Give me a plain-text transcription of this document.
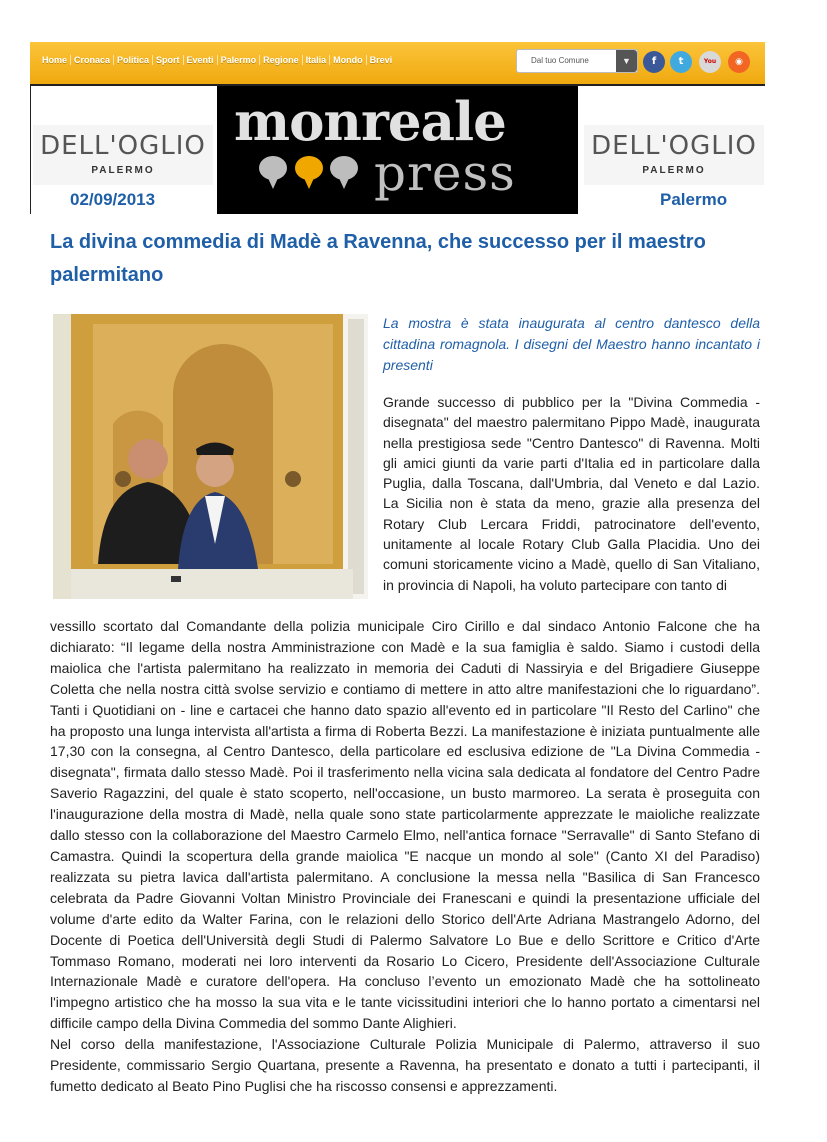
Home Cronaca Politica Sport Eventi Palermo Regione Italia Mondo Brevi	Dal tuo Comune	▼	f	t	You	◉
DELL'OGLIO
PALERMO
monreale
press	DELL'OGLIO
PALERMO
02/09/2013	Palermo
La divina commedia di Madè a Ravenna, che successo per il maestro palermitano

La mostra è stata inaugurata al centro dantesco della cittadina romagnola. I disegni del Maestro hanno incantato i presenti

Grande successo di pubblico per la "Divina Commedia - disegnata" del maestro palermitano Pippo Madè, inaugurata nella prestigiosa sede "Centro Dantesco" di Ravenna. Molti gli amici giunti da varie parti d'Italia ed in particolare dalla Puglia, dalla Toscana, dall'Umbria, dal Veneto e dal Lazio. La Sicilia non è stata da meno, grazie alla presenza del Rotary Club Lercara Friddi, patrocinatore dell'evento, unitamente al locale Rotary Club Galla Placidia. Uno dei comuni storicamente vicino a Madè, quello di San Vitaliano, in provincia di Napoli, ha voluto partecipare con tanto di

vessillo scortato dal Comandante della polizia municipale Ciro Cirillo e dal sindaco Antonio Falcone che ha dichiarato: “Il legame della nostra Amministrazione con Madè e la sua famiglia è saldo. Siamo i custodi della maiolica che l'artista palermitano ha realizzato in memoria dei Caduti di Nassiryia e del Brigadiere Giuseppe Coletta che nella nostra città svolse servizio e contiamo di mettere in atto altre manifestazioni che lo riguardano”. Tanti i Quotidiani on - line e cartacei che hanno dato spazio all'evento ed in particolare "Il Resto del Carlino" che ha proposto una lunga intervista all'artista a firma di Roberta Bezzi. La manifestazione è iniziata puntualmente alle 17,30 con la consegna, al Centro Dantesco, della particolare ed esclusiva edizione de "La Divina Commedia - disegnata", firmata dallo stesso Madè. Poi il trasferimento nella vicina sala dedicata al fondatore del Centro Padre Saverio Ragazzini, del quale è stato scoperto, nell'occasione, un busto marmoreo. La serata è proseguita con l'inaugurazione della mostra di Madè, nella quale sono state particolarmente apprezzate le maioliche realizzate dallo stesso con la collaborazione del Maestro Carmelo Elmo, nell'antica fornace "Serravalle" di Santo Stefano di Camastra. Quindi la scopertura della grande maiolica "E nacque un mondo al sole" (Canto XI del Paradiso) realizzata su pietra lavica dall'artista palermitano. A conclusione la messa nella "Basilica di San Francesco celebrata da Padre Giovanni Voltan Ministro Provinciale dei Franescani e quindi la presentazione ufficiale del volume d'arte edito da Walter Farina, con le relazioni dello Storico dell'Arte Adriana Mastrangelo Adorno, del Docente di Poetica dell'Università degli Studi di Palermo Salvatore Lo Bue e dello Scrittore e Critico d'Arte Tommaso Romano, moderati nei loro interventi da Rosario Lo Cicero, Presidente dell'Associazione Culturale Internazionale Madè e curatore dell'opera. Ha concluso l’evento un emozionato Madè che ha sottolineato l'impegno artistico che ha mosso la sua vita e le tante vicissitudini interiori che lo hanno portato a cimentarsi nel difficile campo della Divina Commedia del sommo Dante Alighieri.
Nel corso della manifestazione, l'Associazione Culturale Polizia Municipale di Palermo, attraverso il suo Presidente, commissario Sergio Quartana, presente a Ravenna, ha presentato e donato a tutti i partecipanti, il fumetto dedicato al Beato Pino Puglisi che ha riscosso consensi e apprezzamenti.
